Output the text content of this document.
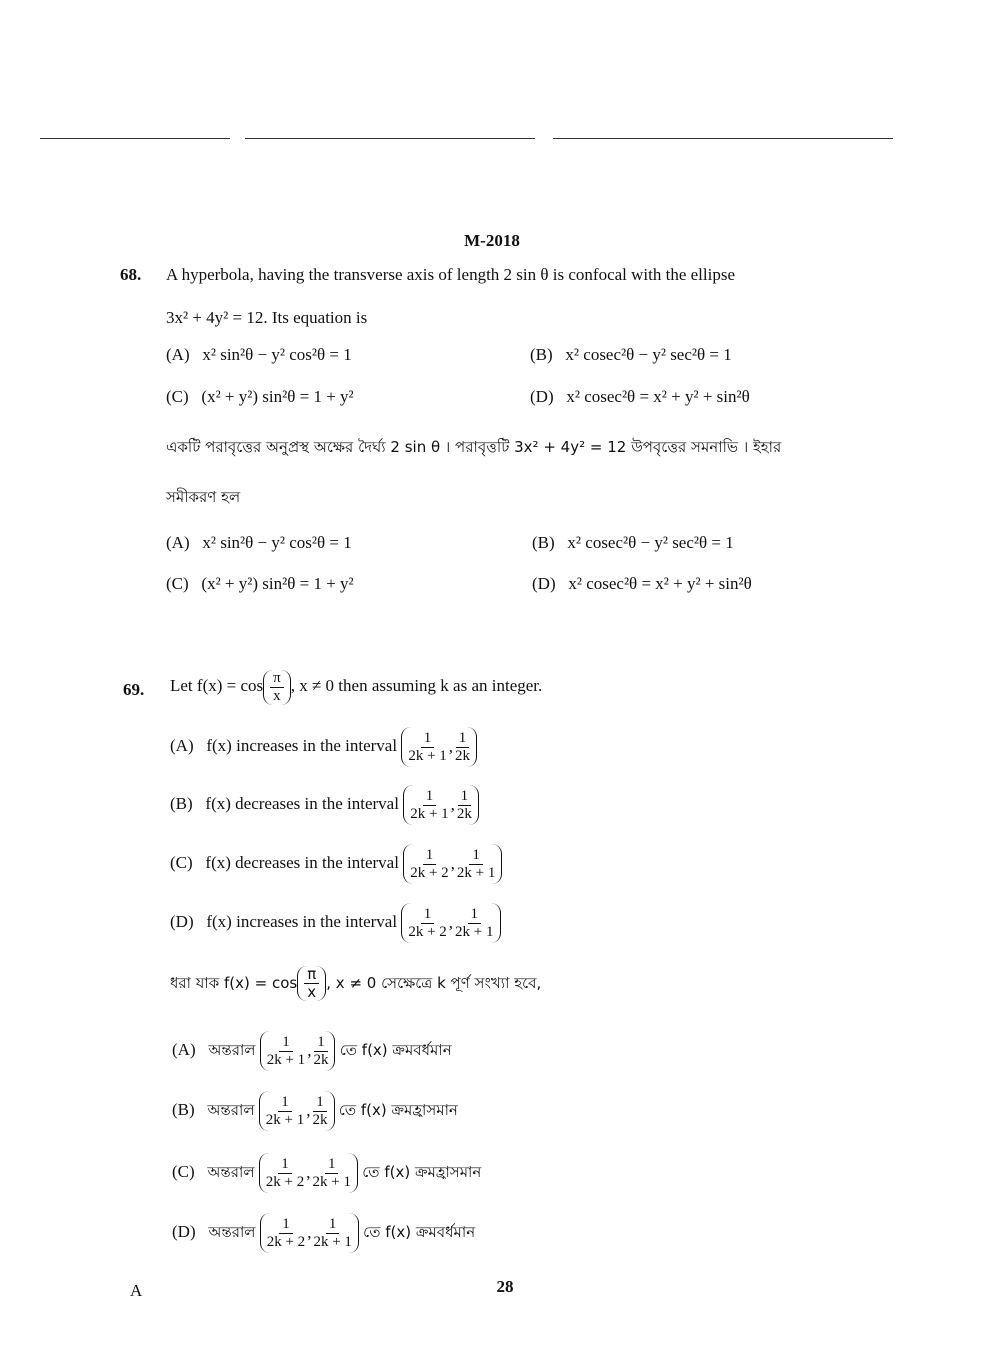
M-2018
68. A hyperbola, having the transverse axis of length 2 sin θ is confocal with the ellipse
3x² + 4y² = 12. Its equation is
একটি পরাবৃত্তের অনুপ্রস্থ অক্ষের দৈর্ঘ্য 2 sin θ । পরাবৃত্তটি 3x² + 4y² = 12 উপবৃত্তের সমনাভি । ইহার
সমীকরণ হল
69. Let $f(x) = \cos \frac{\pi}{x}$ , x ≠ 0 then assuming k as an integer.
ধরা যাক $f(x) = \cos \frac{\pi}{x}$ , x ≠ 0 সেক্ষেত্রে k পূর্ণ সংখ্যা হবে,
A	28
(A) x² sin²θ − y² cos²θ = 1
(A) x² sin²θ − y² cos²θ = 1
(B) x² cosec²θ − y² sec²θ = 1
(B) x² cosec²θ − y² sec²θ = 1
(C) (x² + y²) sin²θ = 1 + y²
(C) (x² + y²) sin²θ = 1 + y²
(D) x² cosec²θ = x² + y² + sin²θ
(D) x² cosec²θ = x² + y² + sin²θ
(A) f(x) increases in the interval $\frac{1}{2k + 1}$ , $\frac{1}{2k}$
(B) f(x) decreases in the interval $\frac{1}{2k + 1}$ , $\frac{1}{2k}$
(C) f(x) decreases in the interval $\frac{1}{2k + 2}$ , $\frac{1}{2k + 1}$
(D) f(x) increases in the interval $\frac{1}{2k + 2}$ , $\frac{1}{2k + 1}$
(A) অন্তরাল $\frac{1}{2k + 1}$ , $\frac{1}{2k}$ তে f(x) ক্রমবর্ধমান
(B) অন্তরাল $\frac{1}{2k + 1}$ , $\frac{1}{2k}$ তে f(x) ক্রমহ্রাসমান
(C) অন্তরাল $\frac{1}{2k + 2}$ , $\frac{1}{2k + 1}$ তে f(x) ক্রমহ্রাসমান
(D) অন্তরাল $\frac{1}{2k + 2}$ , $\frac{1}{2k + 1}$ তে f(x) ক্রমবর্ধমান
